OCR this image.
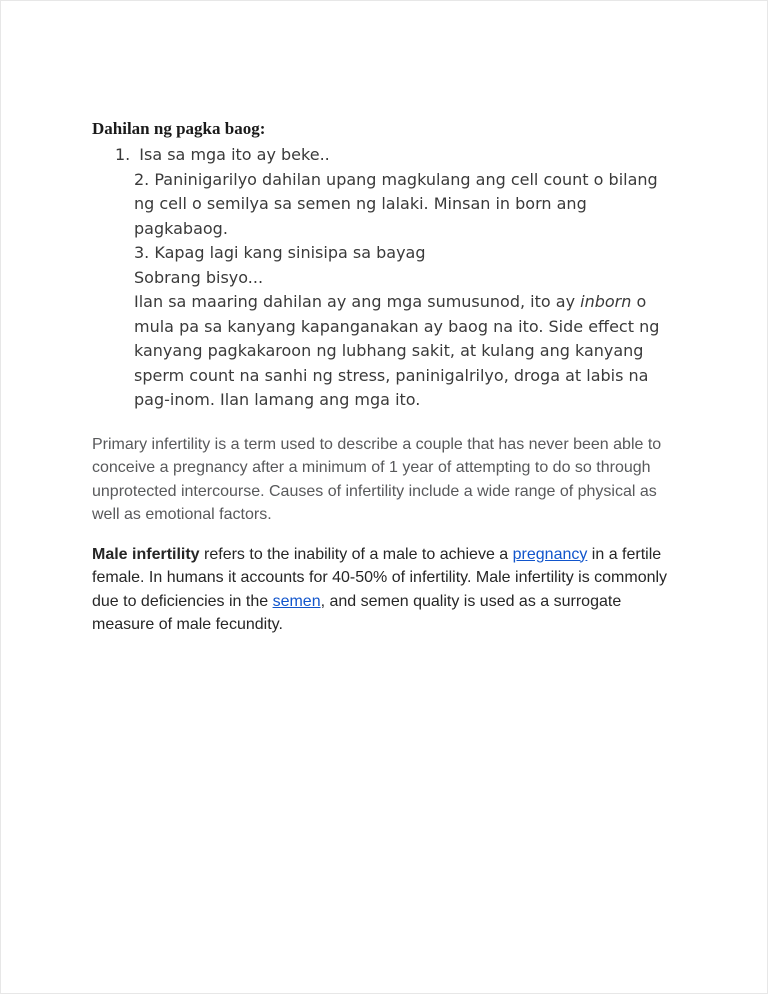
Dahilan ng pagka baog:
1. Isa sa mga ito ay beke..
2. Paninigarilyo dahilan upang magkulang ang cell count o bilang ng cell o semilya sa semen ng lalaki. Minsan in born ang pagkabaog.
3. Kapag lagi kang sinisipa sa bayag
Sobrang bisyo...
Ilan sa maaring dahilan ay ang mga sumusunod, ito ay inborn o mula pa sa kanyang kapanganakan ay baog na ito. Side effect ng kanyang pagkakaroon ng lubhang sakit, at kulang ang kanyang sperm count na sanhi ng stress, paninigalrilyo, droga at labis na pag-inom. Ilan lamang ang mga ito.

Primary infertility is a term used to describe a couple that has never been able to conceive a pregnancy after a minimum of 1 year of attempting to do so through unprotected intercourse. Causes of infertility include a wide range of physical as well as emotional factors.

Male infertility refers to the inability of a male to achieve a pregnancy in a fertile female. In humans it accounts for 40-50% of infertility. Male infertility is commonly due to deficiencies in the semen, and semen quality is used as a surrogate measure of male fecundity.
